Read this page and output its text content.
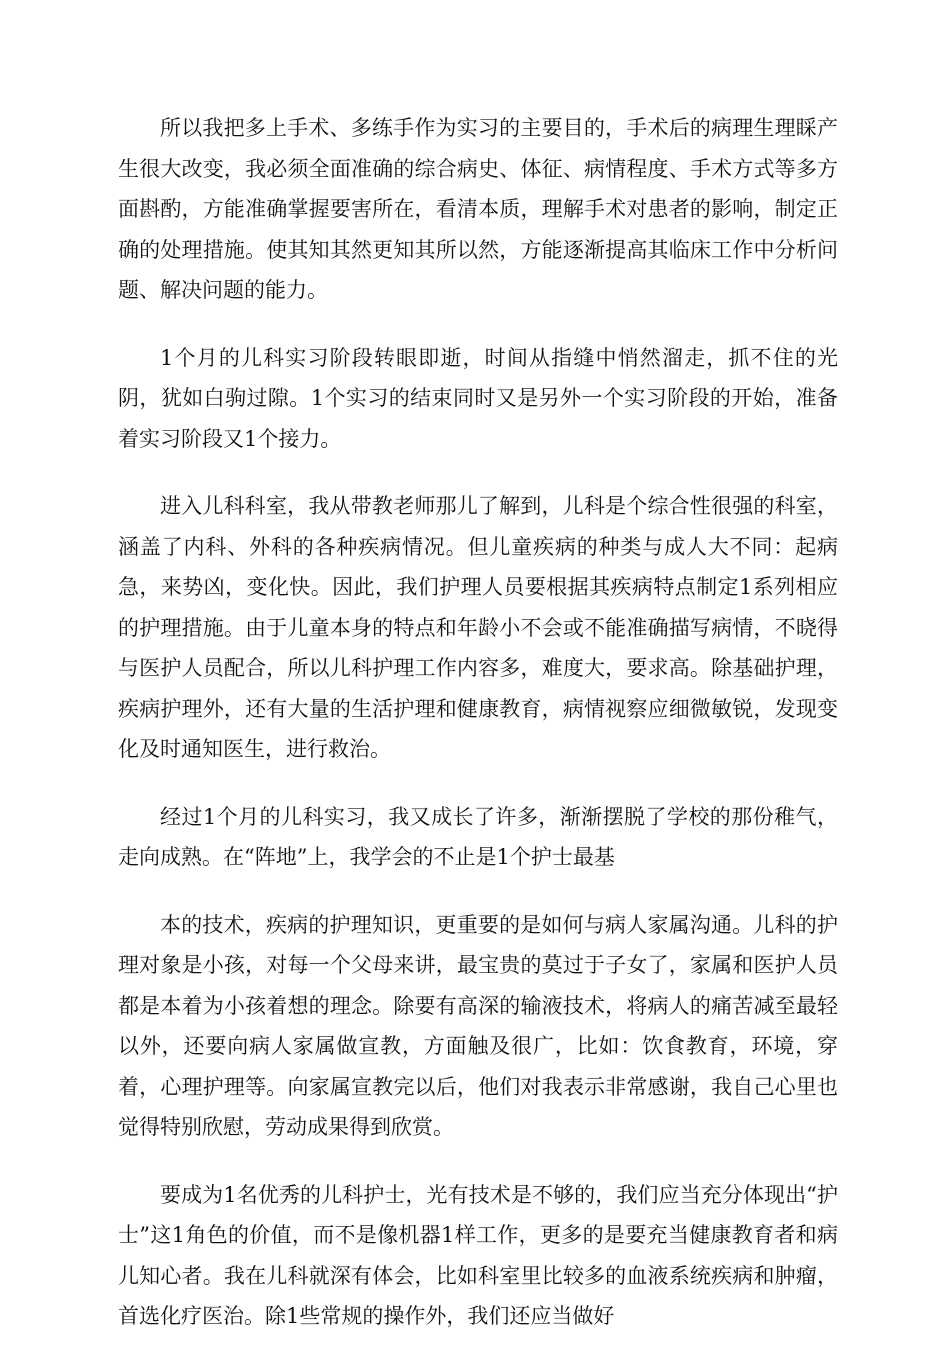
所以我把多上手术、多练手作为实习的主要目的，手术后的病理生理睬产生很大改变，我必须全面准确的综合病史、体征、病情程度、手术方式等多方面斟酌，方能准确掌握要害所在，看清本质，理解手术对患者的影响，制定正确的处理措施。使其知其然更知其所以然，方能逐渐提高其临床工作中分析问题、解决问题的能力。

1个月的儿科实习阶段转眼即逝，时间从指缝中悄然溜走，抓不住的光阴，犹如白驹过隙。1个实习的结束同时又是另外一个实习阶段的开始，准备着实习阶段又1个接力。

进入儿科科室，我从带教老师那儿了解到，儿科是个综合性很强的科室，涵盖了内科、外科的各种疾病情况。但儿童疾病的种类与成人大不同：起病急，来势凶，变化快。因此，我们护理人员要根据其疾病特点制定1系列相应的护理措施。由于儿童本身的特点和年龄小不会或不能准确描写病情，不晓得与医护人员配合，所以儿科护理工作内容多，难度大，要求高。除基础护理，疾病护理外，还有大量的生活护理和健康教育，病情视察应细微敏锐，发现变化及时通知医生，进行救治。

经过1个月的儿科实习，我又成长了许多，渐渐摆脱了学校的那份稚气，走向成熟。在“阵地”上，我学会的不止是1个护士最基

本的技术，疾病的护理知识，更重要的是如何与病人家属沟通。儿科的护理对象是小孩，对每一个父母来讲，最宝贵的莫过于子女了，家属和医护人员都是本着为小孩着想的理念。除要有高深的输液技术，将病人的痛苦减至最轻以外，还要向病人家属做宣教，方面触及很广，比如：饮食教育，环境，穿着，心理护理等。向家属宣教完以后，他们对我表示非常感谢，我自己心里也觉得特别欣慰，劳动成果得到欣赏。

要成为1名优秀的儿科护士，光有技术是不够的，我们应当充分体现出“护士”这1角色的价值，而不是像机器1样工作，更多的是要充当健康教育者和病儿知心者。我在儿科就深有体会，比如科室里比较多的血液系统疾病和肿瘤，首选化疗医治。除1些常规的操作外，我们还应当做好
